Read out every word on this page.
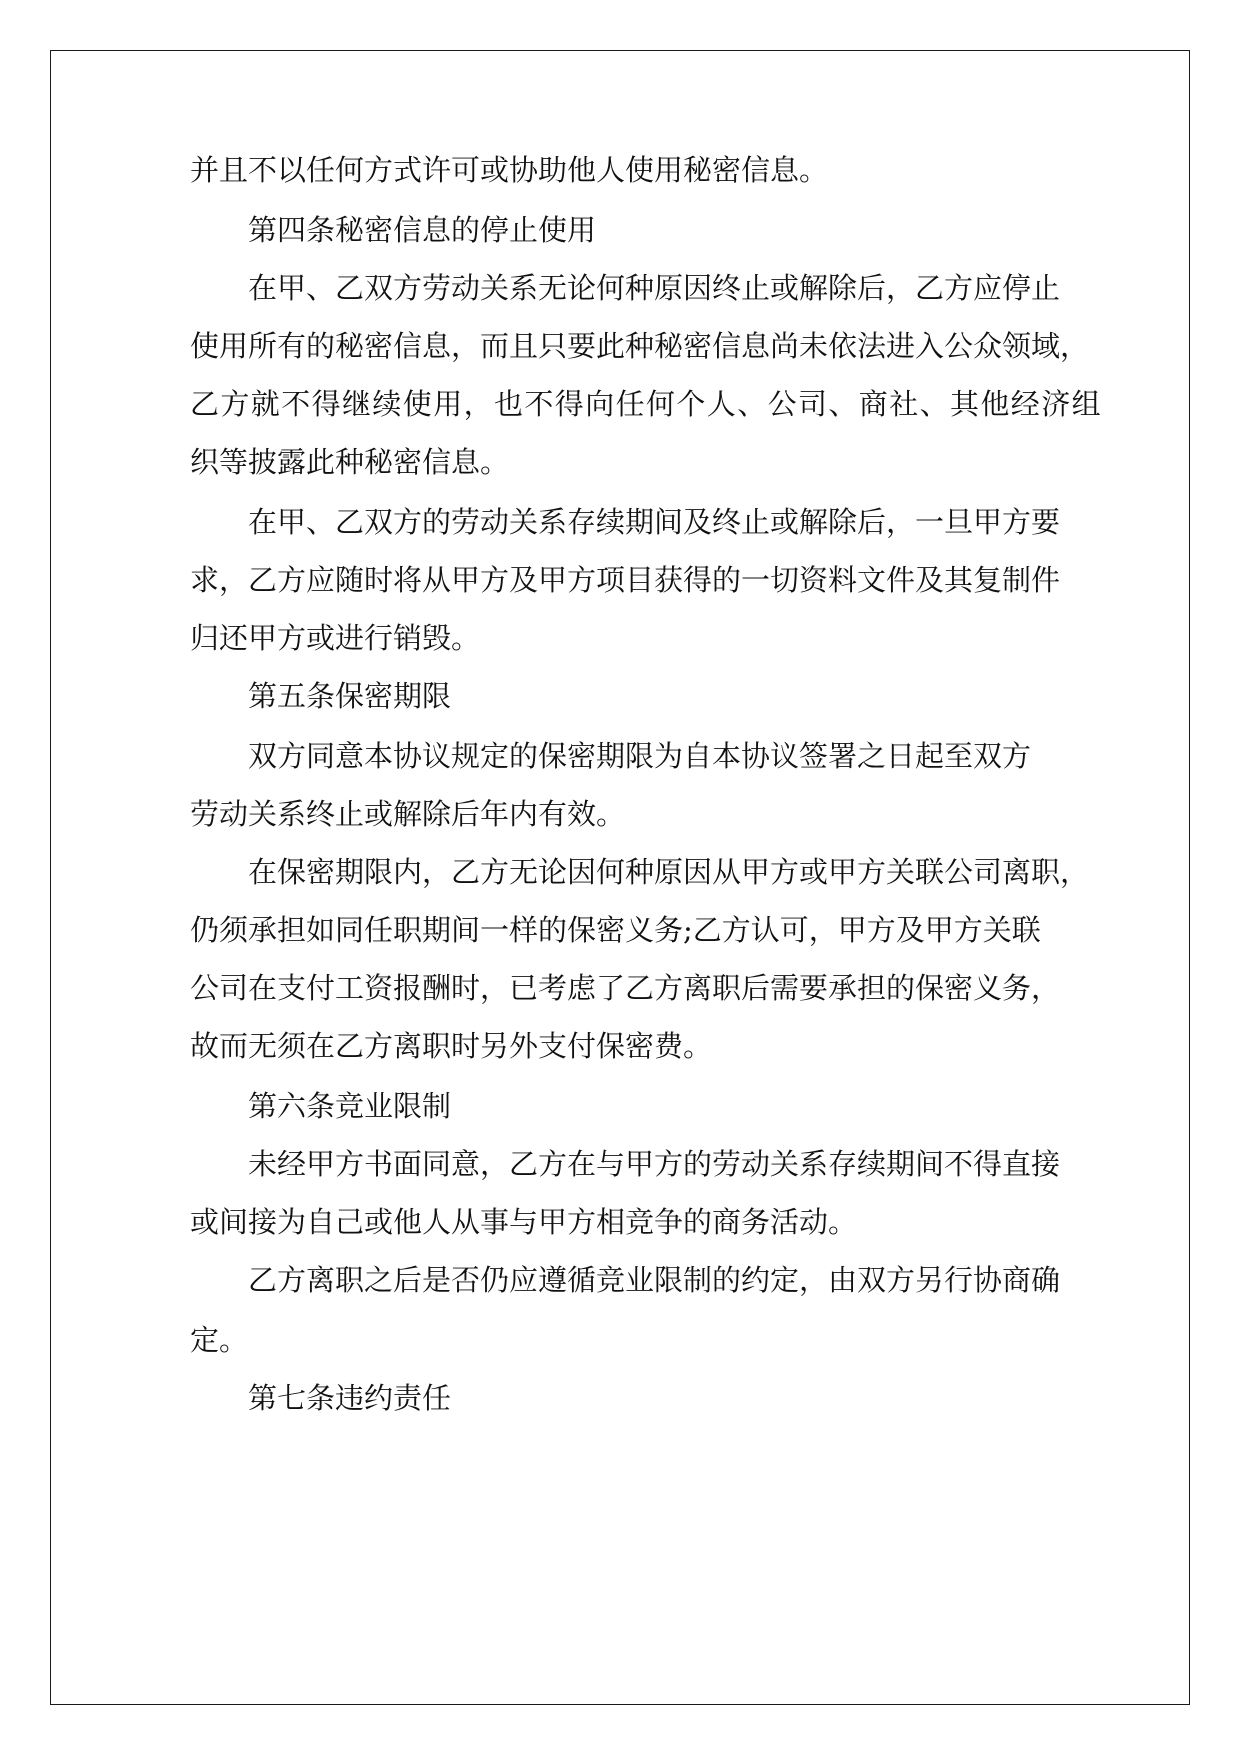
并且不以任何方式许可或协助他人使用秘密信息。
第四条秘密信息的停止使用
在甲、乙双方劳动关系无论何种原因终止或解除后，乙方应停止
使用所有的秘密信息，而且只要此种秘密信息尚未依法进入公众领域，
乙方就不得继续使用，也不得向任何个人、公司、商社、其他经济组
织等披露此种秘密信息。
在甲、乙双方的劳动关系存续期间及终止或解除后，一旦甲方要
求，乙方应随时将从甲方及甲方项目获得的一切资料文件及其复制件
归还甲方或进行销毁。
第五条保密期限
双方同意本协议规定的保密期限为自本协议签署之日起至双方
劳动关系终止或解除后年内有效。
在保密期限内，乙方无论因何种原因从甲方或甲方关联公司离职，
仍须承担如同任职期间一样的保密义务;乙方认可，甲方及甲方关联
公司在支付工资报酬时，已考虑了乙方离职后需要承担的保密义务，
故而无须在乙方离职时另外支付保密费。
第六条竞业限制
未经甲方书面同意，乙方在与甲方的劳动关系存续期间不得直接
或间接为自己或他人从事与甲方相竞争的商务活动。
乙方离职之后是否仍应遵循竞业限制的约定，由双方另行协商确
定。
第七条违约责任
